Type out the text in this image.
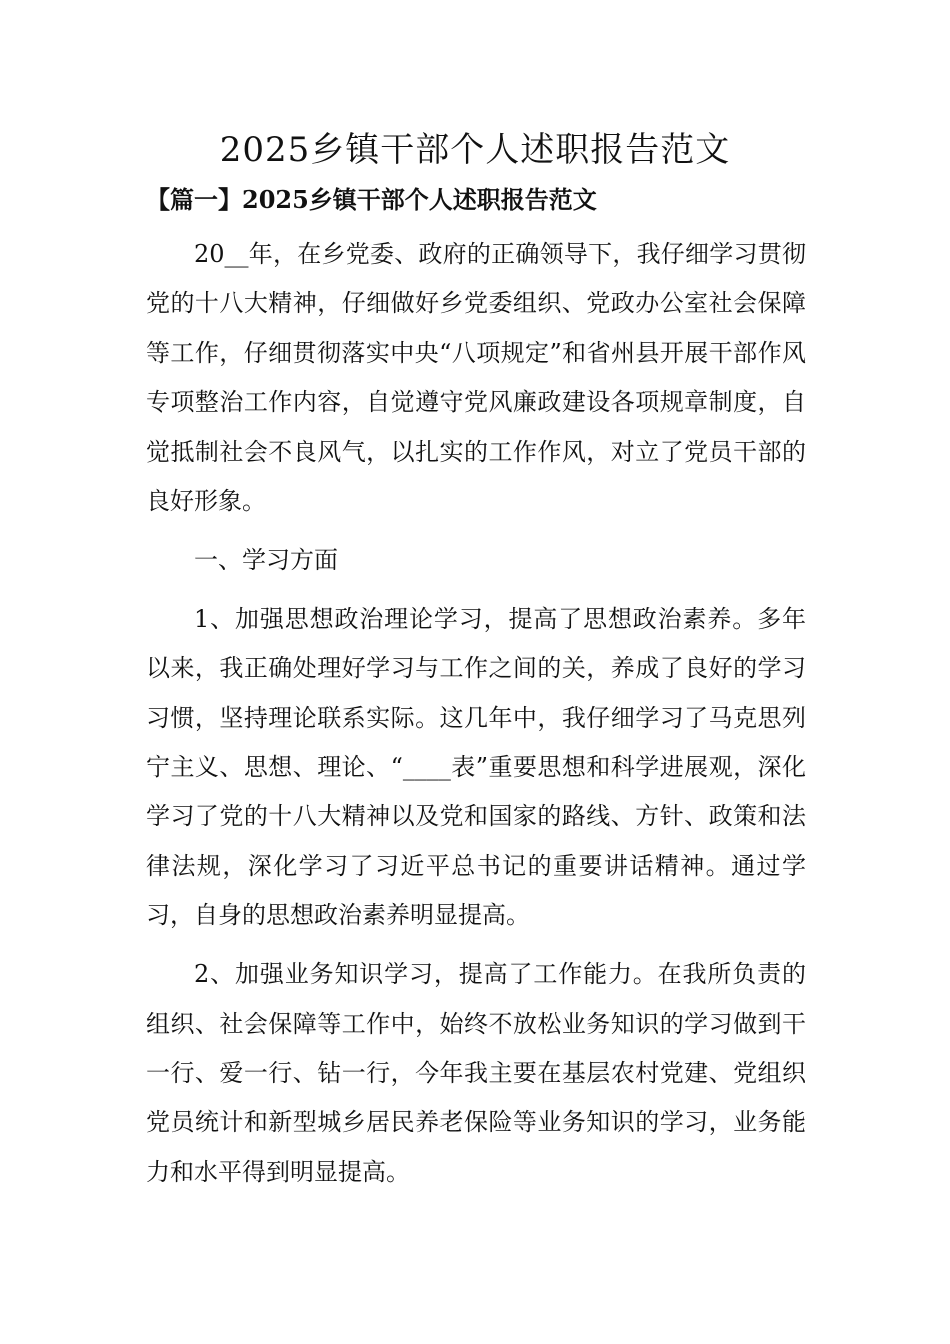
2025乡镇干部个人述职报告范文
【篇一】2025乡镇干部个人述职报告范文

20__年，在乡党委、政府的正确领导下，我仔细学习贯彻党的十八大精神，仔细做好乡党委组织、党政办公室社会保障等工作，仔细贯彻落实中央“八项规定”和省州县开展干部作风专项整治工作内容，自觉遵守党风廉政建设各项规章制度，自觉抵制社会不良风气，以扎实的工作作风，对立了党员干部的良好形象。

一、学习方面

1、加强思想政治理论学习，提高了思想政治素养。多年以来，我正确处理好学习与工作之间的关，养成了良好的学习习惯，坚持理论联系实际。这几年中，我仔细学习了马克思列宁主义、思想、理论、“____表”重要思想和科学进展观，深化学习了党的十八大精神以及党和国家的路线、方针、政策和法律法规，深化学习了习近平总书记的重要讲话精神。通过学习，自身的思想政治素养明显提高。

2、加强业务知识学习，提高了工作能力。在我所负责的组织、社会保障等工作中，始终不放松业务知识的学习做到干一行、爱一行、钻一行，今年我主要在基层农村党建、党组织党员统计和新型城乡居民养老保险等业务知识的学习，业务能力和水平得到明显提高。
